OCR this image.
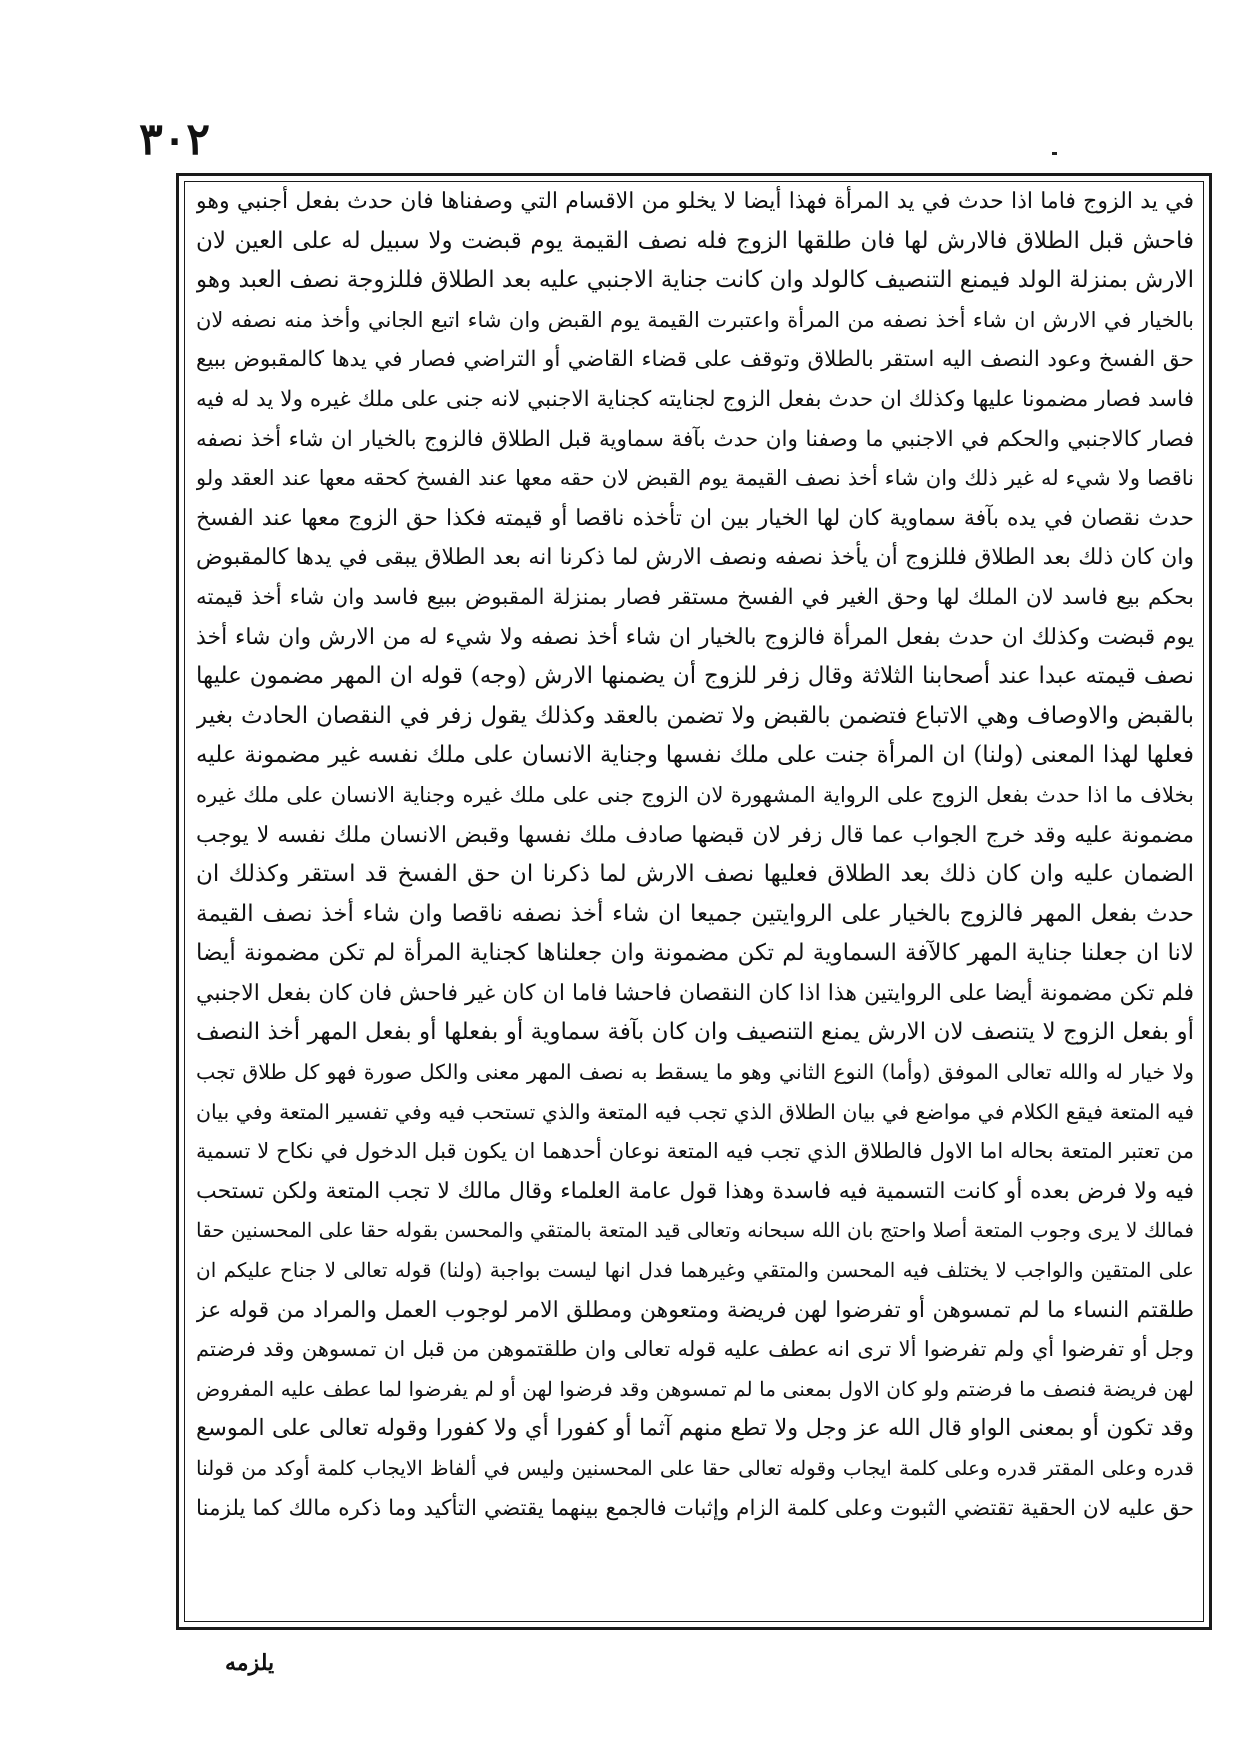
٣٠٢
في يد الزوج فاما اذا حدث في يد المرأة فهذا أيضا لا يخلو من الاقسام التي وصفناها فان حدث بفعل أجنبي وهو
فاحش قبل الطلاق فالارش لها فان طلقها الزوج فله نصف القيمة يوم قبضت ولا سبيل له على العين لان
الارش بمنزلة الولد فيمنع التنصيف كالولد وان كانت جناية الاجنبي عليه بعد الطلاق فللزوجة نصف العبد وهو
بالخيار في الارش ان شاء أخذ نصفه من المرأة واعتبرت القيمة يوم القبض وان شاء اتبع الجاني وأخذ منه نصفه لان
حق الفسخ وعود النصف اليه استقر بالطلاق وتوقف على قضاء القاضي أو التراضي فصار في يدها كالمقبوض ببيع
فاسد فصار مضمونا عليها وكذلك ان حدث بفعل الزوج لجنايته كجناية الاجنبي لانه جنى على ملك غيره ولا يد له فيه
فصار كالاجنبي والحكم في الاجنبي ما وصفنا وان حدث بآفة سماوية قبل الطلاق فالزوج بالخيار ان شاء أخذ نصفه
ناقصا ولا شيء له غير ذلك وان شاء أخذ نصف القيمة يوم القبض لان حقه معها عند الفسخ كحقه معها عند العقد ولو
حدث نقصان في يده بآفة سماوية كان لها الخيار بين ان تأخذه ناقصا أو قيمته فكذا حق الزوج معها عند الفسخ
وان كان ذلك بعد الطلاق فللزوج أن يأخذ نصفه ونصف الارش لما ذكرنا انه بعد الطلاق يبقى في يدها كالمقبوض
بحكم بيع فاسد لان الملك لها وحق الغير في الفسخ مستقر فصار بمنزلة المقبوض ببيع فاسد وان شاء أخذ قيمته
يوم قبضت وكذلك ان حدث بفعل المرأة فالزوج بالخيار ان شاء أخذ نصفه ولا شيء له من الارش وان شاء أخذ
نصف قيمته عبدا عند أصحابنا الثلاثة وقال زفر للزوج أن يضمنها الارش (وجه) قوله ان المهر مضمون عليها
بالقبض والاوصاف وهي الاتباع فتضمن بالقبض ولا تضمن بالعقد وكذلك يقول زفر في النقصان الحادث بغير
فعلها لهذا المعنى (ولنا) ان المرأة جنت على ملك نفسها وجناية الانسان على ملك نفسه غير مضمونة عليه
بخلاف ما اذا حدث بفعل الزوج على الرواية المشهورة لان الزوج جنى على ملك غيره وجناية الانسان على ملك غيره
مضمونة عليه وقد خرج الجواب عما قال زفر لان قبضها صادف ملك نفسها وقبض الانسان ملك نفسه لا يوجب
الضمان عليه وان كان ذلك بعد الطلاق فعليها نصف الارش لما ذكرنا ان حق الفسخ قد استقر وكذلك ان
حدث بفعل المهر فالزوج بالخيار على الروايتين جميعا ان شاء أخذ نصفه ناقصا وان شاء أخذ نصف القيمة
لانا ان جعلنا جناية المهر كالآفة السماوية لم تكن مضمونة وان جعلناها كجناية المرأة لم تكن مضمونة أيضا
فلم تكن مضمونة أيضا على الروايتين هذا اذا كان النقصان فاحشا فاما ان كان غير فاحش فان كان بفعل الاجنبي
أو بفعل الزوج لا يتنصف لان الارش يمنع التنصيف وان كان بآفة سماوية أو بفعلها أو بفعل المهر أخذ النصف
ولا خيار له والله تعالى الموفق (وأما) النوع الثاني وهو ما يسقط به نصف المهر معنى والكل صورة فهو كل طلاق تجب
فيه المتعة فيقع الكلام في مواضع في بيان الطلاق الذي تجب فيه المتعة والذي تستحب فيه وفي تفسير المتعة وفي بيان
من تعتبر المتعة بحاله اما الاول فالطلاق الذي تجب فيه المتعة نوعان أحدهما ان يكون قبل الدخول في نكاح لا تسمية
فيه ولا فرض بعده أو كانت التسمية فيه فاسدة وهذا قول عامة العلماء وقال مالك لا تجب المتعة ولكن تستحب
فمالك لا يرى وجوب المتعة أصلا واحتج بان الله سبحانه وتعالى قيد المتعة بالمتقي والمحسن بقوله حقا على المحسنين حقا
على المتقين والواجب لا يختلف فيه المحسن والمتقي وغيرهما فدل انها ليست بواجبة (ولنا) قوله تعالى لا جناح عليكم ان
طلقتم النساء ما لم تمسوهن أو تفرضوا لهن فريضة ومتعوهن ومطلق الامر لوجوب العمل والمراد من قوله عز
وجل أو تفرضوا أي ولم تفرضوا ألا ترى انه عطف عليه قوله تعالى وان طلقتموهن من قبل ان تمسوهن وقد فرضتم
لهن فريضة فنصف ما فرضتم ولو كان الاول بمعنى ما لم تمسوهن وقد فرضوا لهن أو لم يفرضوا لما عطف عليه المفروض
وقد تكون أو بمعنى الواو قال الله عز وجل ولا تطع منهم آثما أو كفورا أي ولا كفورا وقوله تعالى على الموسع
قدره وعلى المقتر قدره وعلى كلمة ايجاب وقوله تعالى حقا على المحسنين وليس في ألفاظ الايجاب كلمة أوكد من قولنا
حق عليه لان الحقية تقتضي الثبوت وعلى كلمة الزام وإثبات فالجمع بينهما يقتضي التأكيد وما ذكره مالك كما يلزمنا
يلزمه
